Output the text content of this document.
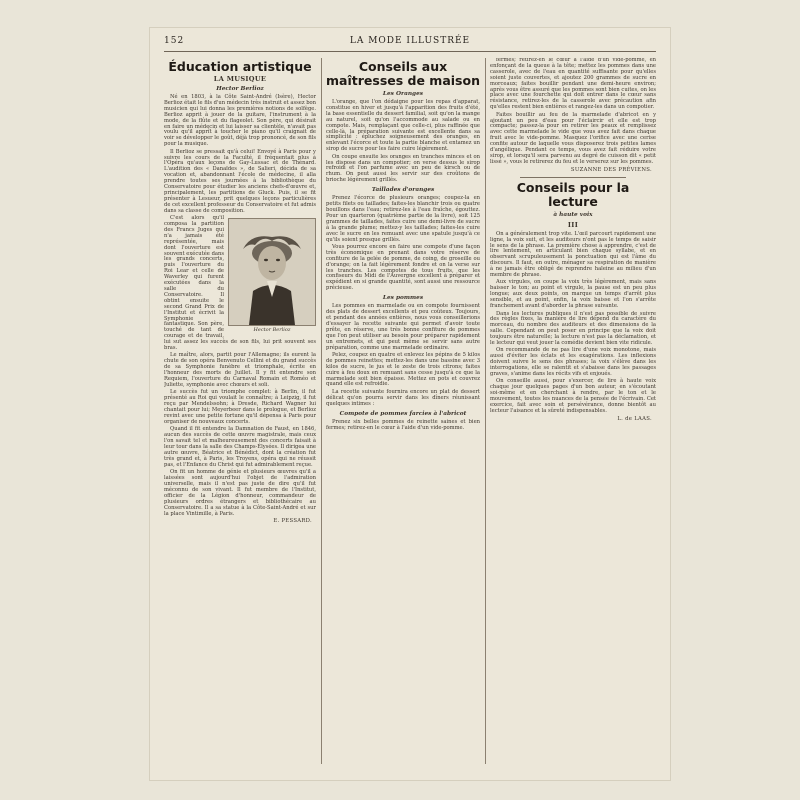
152	LA MODE ILLUSTRÉE
Éducation artistique
LA MUSIQUE
Hector Berlioz

Né en 1803, à la Côte Saint-André (Isère), Hector Berlioz était le fils d'un médecin très instruit et assez bon musicien qui lui donna les premières notions de solfège. Berlioz apprit à jouer de la guitare, l'instrument à la mode, de la flûte et du flageolet. Son père, qui désirait en faire un médecin et lui laisser sa clientèle, n'avait pas voulu qu'il apprît à toucher le piano qu'il craignait de voir se développer le goût, déjà trop prononcé, de son fils pour la musique.

Il Berlioz se pressait qu'à celui! Envoyé à Paris pour y suivre les cours de la Faculté, il fréquentait plus à l'Opéra qu'aux leçons de Gay-Lussac et de Thénard. L'audition des « Danaïdes », de Salieri, décida de sa vocation et, abandonnant l'école de médecine, il alla prendre toutes ses journées à la bibliothèque du Conservatoire pour étudier les anciens chefs-d'œuvre et, principalement, les partitions de Gluck. Puis, il se fit présenter à Lesueur, prit quelques leçons particulières de cet excellent professeur du Conservatoire et fut admis dans sa classe de composition.

Hector Berlioz

C'est alors qu'il composa la partition des Francs Juges qui n'a jamais été représentée, mais dont l'ouverture est souvent exécutée dans les grands concerts, puis l'ouverture du Roi Lear et celle de Waverley qui furent exécutées dans la salle du Conservatoire. Il obtint ensuite le second Grand Prix de l'Institut et écrivit la Symphonie fantastique. Son père, touché de tant de courage et de travail, lui sut assez les succès de son fils, lui prit souvent ses bras.

Le maître, alors, partit pour l'Allemagne; ils eurent la chute de son opéra Benvenuto Cellini et du grand succès de sa Symphonie funèbre et triomphale, écrite en l'honneur des morts de Juillet. Il y fit entendre son Requiem, l'ouverture du Carnaval Romain et Roméo et Juliette, symphonie avec chœurs et soli.

Le succès fut un triomphe complet: à Berlin, il fut présenté au Roi qui voulait le connaître; à Leipzig, il fut reçu par Mendelssohn; à Dresde, Richard Wagner lui chantait pour lui; Meyerbeer dans le prologue, et Berlioz revint avec une petite fortune qu'il dépensa à Paris pour organiser de nouveaux concerts.

Quand il fit entendre la Damnation de Faust, en 1846, aucun des succès de cette œuvre magistrale, mais ceux l'on savait tel et malheureusement des concerts faisait à leur tour dans la salle des Champs-Élysées. Il dirigea une autre œuvre, Béatrice et Bénédict, dont la création fut très grand et, à Paris, les Troyens, opéra qui ne réussit pas, et l'Enfance du Christ qui fut admirablement reçue.

On fit un homme de génie et plusieurs œuvres qu'il a laissées sont aujourd'hui l'objet de l'admiration universelle, mais il n'est pas juste de dire qu'il fut méconnu de son vivant. Il fut membre de l'Institut, officier de la Légion d'honneur, commandeur de plusieurs ordres étrangers et bibliothécaire au Conservatoire. Il a sa statue à la Côte-Saint-André et sur la place Vintimille, à Paris.

E. PESSARD.
Conseils aux maîtresses de maison
Les Oranges

L'orange, que l'on dédaigne pour les repas d'apparat, constitue en hiver et jusqu'à l'apparition des fruits d'été, la base essentielle du dessert familial, soit qu'on la mange au naturel, soit qu'on l'accommode au salade ou en compote. Mais, remplaçant que celle-ci, plus raffinée que celle-là, la préparation suivante est excellente dans sa simplicité : épluchez soigneusement des oranges, en enlevant l'écorce et toute la partie blanche et entamez un sirop de sucre pour les faire cuire légèrement.

On coupe ensuite les oranges en tranches minces et on les dispose dans un compotier; on verse dessus le sirop refroidi et l'on parfume avec un peu de kirsch ou de rhum. On peut aussi les servir sur des croûtons de brioche légèrement grillés.

Taillades d'oranges

Prenez l'écorce de plusieurs oranges; coupez-la en petits filets ou taillades; faites-les blanchir trois ou quatre bouillons dans l'eau; retirez-les à l'eau fraîche, égouttez. Pour un quarteron (quatrième partie de la livre), soit 125 grammes de taillades, faites cuire une demi-livre de sucre à la grande plume; mettez-y les taillades; faites-les cuire avec le sucre en les remuant avec une spatule jusqu'à ce qu'ils soient presque grillés.

Vous pourrez encore en faire une compote d'une façon très économique en prenant dans votre réserve de confiture de la gelée de pomme, de coing, de groseille ou d'orange; on la fait légèrement fondre et on la verse sur les tranches. Les compotes de tous fruits, que les confiseurs du Midi de l'Auvergne excellent à préparer et expédient en si grande quantité, sont aussi une ressource précieuse.

Les pommes

Les pommes en marmelade ou en compote fournissent des plats de dessert excellents et peu coûteux. Toujours, et pendant des années entières, nous vous conseillerions d'essayer la recette suivante qui permet d'avoir toute prête, en réserve, une très bonne confiture de pommes que l'on peut utiliser au besoin pour préparer rapidement un entremets, et qui peut même se servir sans autre préparation, comme une marmelade ordinaire.

Pelez, coupez en quatre et enlevez les pépins de 5 kilos de pommes reinettes; mettez-les dans une bassine avec 3 kilos de sucre, le jus et le zeste de trois citrons; faites cuire à feu doux en remuant sans cesse jusqu'à ce que la marmelade soit bien épaisse. Mettez en pots et couvrez quand elle est refroidie.

La recette suivante fournira encore un plat de dessert délicat qu'on pourra servir dans les dîners réunissant quelques intimes :

Compote de pommes farcies à l'abricot

Prenez six belles pommes de reinette saines et bien fermes; retirez-en le cœur à l'aide d'un vide-pomme.

fermes; retirez-en le cœur à l'aide d'un vide-pomme, en enfonçant de la queue à la tête; mettez les pommes dans une casserole, avec de l'eau en quantité suffisante pour qu'elles soient juste couvertes, et ajoutez 200 grammes de sucre en morceaux; faites bouillir pendant une demi-heure environ; après vous être assuré que les pommes sont bien cuites, on les place avec une fourchette qui doit entrer dans le cœur sans résistance, retirez-les de la casserole avec précaution afin qu'elles restent bien entières et rangez-les dans un compotier.

Faites bouillir au feu de la marmelade d'abricot en y ajoutant un peu d'eau pour l'éclaircir et elle est trop compacte; passez-la pour en retirer les peaux et remplissez avec cette marmelade le vide que vous avez fait dans chaque fruit avec le vide-pomme. Masquez l'orifice avec une cerise confite autour de laquelle vous disposerez trois petites lames d'angélique. Pendant ce temps, vous avez fait réduire votre sirop, et lorsqu'il sera parvenu au degré de cuisson dit « petit lissé », vous le retirerez du feu et le verserez sur les pommes.

SUZANNE DES PRÉVIENS.
Conseils pour la lecture
à haute voix
III

On a généralement trop vite. L'œil parcourt rapidement une ligne, la voix suit, et les auditeurs n'ont pas le temps de saisir le sens de la phrase. La première chose à apprendre, c'est de lire lentement, en articulant bien chaque syllabe, et en observant scrupuleusement la ponctuation qui est l'âme du discours. Il faut, en outre, ménager sa respiration de manière à ne jamais être obligé de reprendre haleine au milieu d'un membre de phrase.

Aux virgules, on coupe la voix très légèrement, mais sans baisser le ton; au point et virgule, la pause est un peu plus longue; aux deux points, on marque un temps d'arrêt plus sensible, et au point, enfin, la voix baisse et l'on s'arrête franchement avant d'aborder la phrase suivante.

Dans les lectures publiques il n'est pas possible de suivre des règles fixes, la manière de lire dépend du caractère du morceau, du nombre des auditeurs et des dimensions de la salle. Cependant on peut poser en principe que la voix doit toujours être naturelle; la lecture n'est pas la déclamation, et le lecteur qui veut jouer la comédie devient bien vite ridicule.

On recommande de ne pas lire d'une voix monotone, mais aussi d'éviter les éclats et les exagérations. Les inflexions doivent suivre le sens des phrases; la voix s'élève dans les interrogations, elle se ralentit et s'abaisse dans les passages graves, s'anime dans les récits vifs et enjoués.

On conseille aussi, pour s'exercer, de lire à haute voix chaque jour quelques pages d'un bon auteur, en s'écoutant soi-même et en cherchant à rendre, par le ton et le mouvement, toutes les nuances de la pensée de l'écrivain. Cet exercice, fait avec soin et persévérance, donne bientôt au lecteur l'aisance et la sûreté indispensables.

L. de LAAS.
